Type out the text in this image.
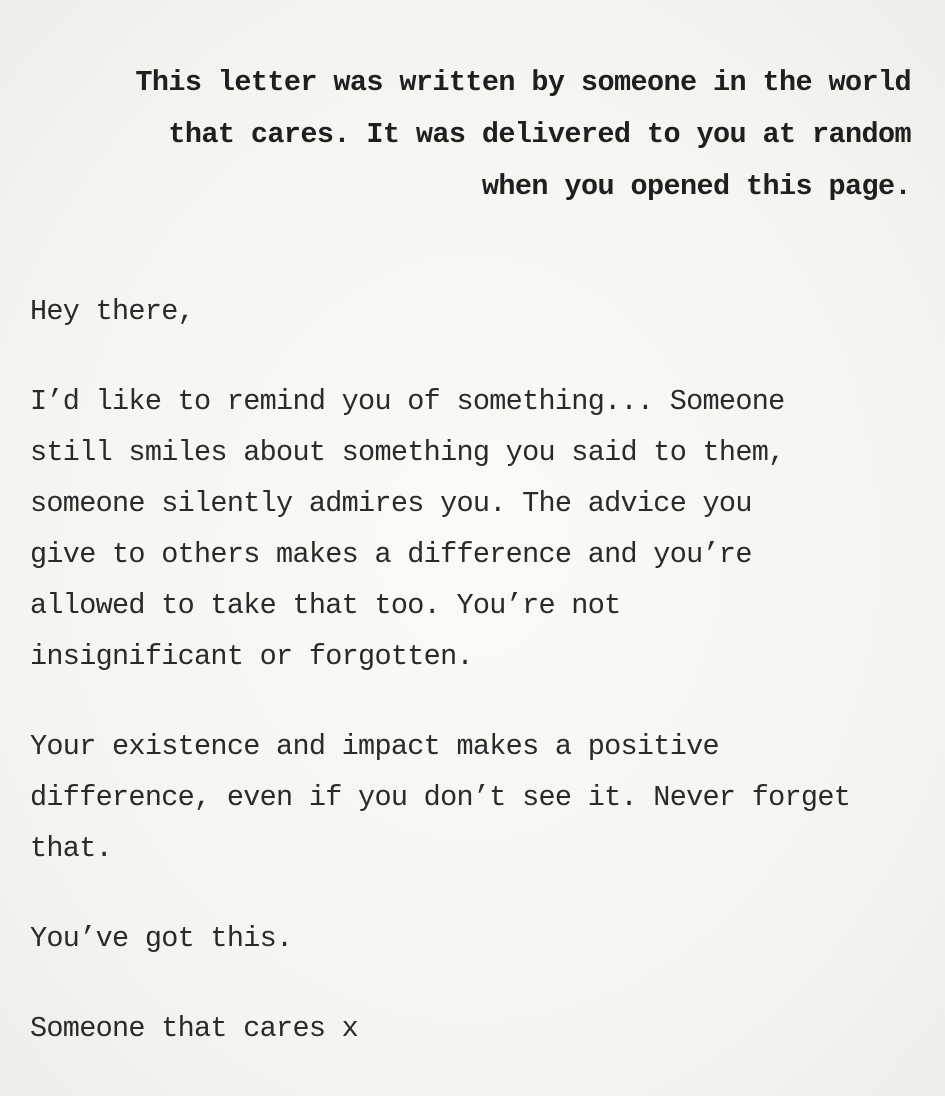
This letter was written by someone in the world
that cares. It was delivered to you at random
when you opened this page.
Hey there,
I’d like to remind you of something... Someone
still smiles about something you said to them,
someone silently admires you. The advice you
give to others makes a difference and you’re
allowed to take that too. You’re not
insignificant or forgotten.
Your existence and impact makes a positive
difference, even if you don’t see it. Never forget
that.
You’ve got this.
Someone that cares x
